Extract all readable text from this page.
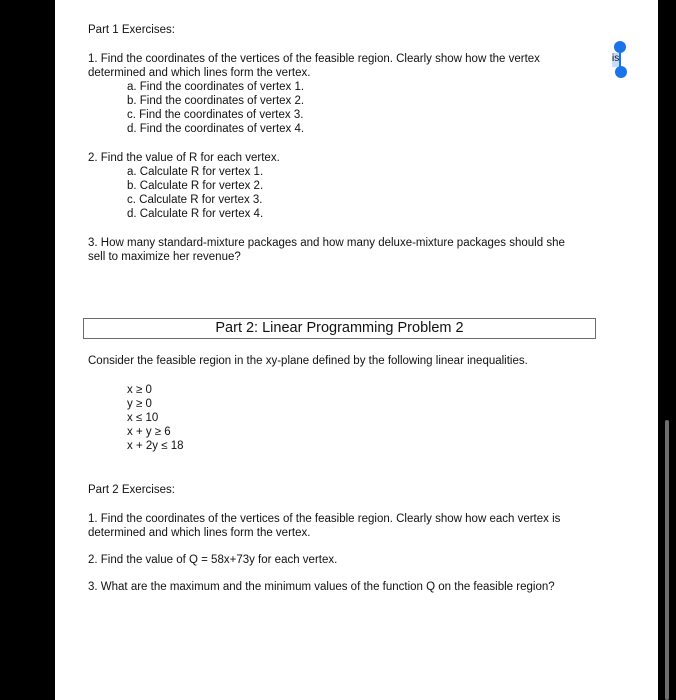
Part 1 Exercises:
1. Find the coordinates of the vertices of the feasible region. Clearly show how the vertex	is
determined and which lines form the vertex.
a. Find the coordinates of vertex 1.
b. Find the coordinates of vertex 2.
c. Find the coordinates of vertex 3.
d. Find the coordinates of vertex 4.
2. Find the value of R for each vertex.
a. Calculate R for vertex 1.
b. Calculate R for vertex 2.
c. Calculate R for vertex 3.
d. Calculate R for vertex 4.
3. How many standard-mixture packages and how many deluxe-mixture packages should she
sell to maximize her revenue?
Part 2: Linear Programming Problem 2
Consider the feasible region in the xy-plane defined by the following linear inequalities.
x ≥ 0
y ≥ 0
x ≤ 10
x + y ≥ 6
x + 2y ≤ 18
Part 2 Exercises:
1. Find the coordinates of the vertices of the feasible region. Clearly show how each vertex is
determined and which lines form the vertex.
2. Find the value of Q = 58x+73y for each vertex.
3. What are the maximum and the minimum values of the function Q on the feasible region?
